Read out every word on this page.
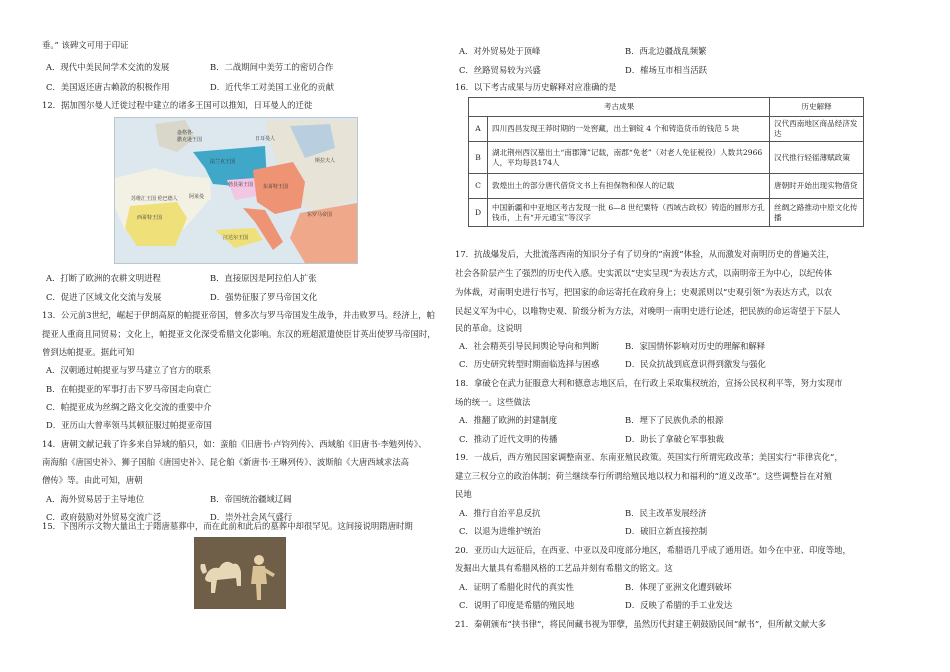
垂。” 该碑文可用于印证
A．现代中美民间学术交流的发展	B．二战期间中美劳工的密切合作
C．美国返还唐古赖款的积极作用	D．近代华工对美国工业化的贡献
12．据加图尔曼人迁徙过程中建立的诸多王国可以推知，日耳曼人的迁徙
盎格鲁·
撒克逊王国	日耳曼人
法兰克王国
勃艮第王国
阿莱曼
东哥特王国
苏维汇王国 伦巴德人
西哥特王国
汪达尔王国
东罗马帝国
斯拉夫人
A．打断了欧洲的农耕文明进程	B．直接原因是阿拉伯人扩张
C．促进了区域文化交流与发展	D．强势征服了罗马帝国文化
13．公元前3世纪，崛起于伊朗高原的帕提亚帝国，曾多次与罗马帝国发生战争，并击败罗马。经济上，帕
提亚人重商且同贸易；文化上，帕提亚文化深受希腊文化影响。东汉的班超派遣使臣甘英出使罗马帝国时，
曾到达帕提亚。据此可知
A．汉朝通过帕提亚与罗马建立了官方的联系
B．在帕提亚的军事打击下罗马帝国走向衰亡
C．帕提亚成为丝绸之路文化交流的重要中介
D．亚历山大曾率领马其顿征服过帕提亚帝国
14．唐朝文献记载了许多来自异域的船只，如：蛮舶《旧唐书·卢钧列传》、西域舶《旧唐书·李勉列传》、
南海舶《唐国史补》、狮子国舶《唐国史补》、昆仑舶《新唐书·王琳列传》、波斯舶《大唐西域求法高
僧传》等。由此可知，唐朝
A．海外贸易居于主导地位	B．帝国统治疆域辽阔
C．政府鼓励对外贸易交流广泛	D．崇外社会风气盛行
15．下图所示文物大量出土于隋唐墓葬中，而在此前和此后的墓葬中却很罕见。这间接说明隋唐时期
A．对外贸易处于顶峰	B．西北边疆战乱频繁
C．丝路贸易较为兴盛	D．榷场互市相当活跃
16．以下考古成果与历史解释对应准确的是
考古成果		历史解释
A	四川西昌发现王莽时期的一处窖藏，出土铜锭 4 个和铸造货币的钱范 5 块	汉代西南地区商品经济发达
B	湖北荆州西汉墓出土“南郡簿”记载，南郡“免老”（对老人免征税役）人数共2966人，平均每县174人	汉代推行轻徭薄赋政策
C	敦煌出土的部分唐代借贷文书上有担保物和保人的记载	唐朝时开始出现实物借贷
D	中国新疆和中亚地区考古发现一批 6—8 世纪粟特（西域古政权）铸造的圆形方孔钱币，上有“开元通宝”等汉字	丝绸之路推动中原文化传播
17．抗战爆发后，大批流落西南的知识分子有了切身的“南渡”体验，从而激发对南明历史的普遍关注，
社会各阶层产生了强烈的历史代入感。史实派以“史实呈现”为表达方式，以南明帝王为中心，以纪传体
为体裁，对南明史进行书写，把国家的命运寄托在政府身上；史观派则以“史观引领”为表达方式，以农
民起义军为中心，以唯物史观、阶级分析为方法，对晚明一南明史进行论述，把民族的命运寄望于下层人
民的革命。这说明
A．社会精英引导民间舆论导向和判断	B．家国情怀影响对历史的理解和解释
C．历史研究转型时期面临选择与困惑	D．民众抗战到底意识得到激发与强化
18．拿破仑在武力征服意大利和德意志地区后，在行政上采取集权统治，宣扬公民权利平等，努力实现市
场的统一。这些做法
A．推翻了欧洲的封建制度	B．埋下了民族仇杀的根源
C．推动了近代文明的传播	D．助长了拿破仑军事独裁
19．一战后，西方殖民国家调整南亚、东南亚殖民政策。英国实行所谓宪政改革；美国实行“菲律宾化”，
建立三权分立的政治体制；荷兰继续奉行所谓给殖民地以权力和福利的“道义改革”。这些调整旨在对殖
民地
A．推行自治平息反抗	B．民主改革发展经济
C．以退为进维护统治	D．破旧立新直接控制
20．亚历山大远征后，在西亚、中亚以及印度部分地区，希腊语几乎成了通用语。如今在中亚、印度等地，
发掘出大量具有希腊风格的工艺品并刻有希腊文的铭文。这
A．证明了希腊化时代的真实性	B．体现了亚洲文化遭到破坏
C．说明了印度是希腊的殖民地	D．反映了希腊的手工业发达
21．秦朝颁布“挟书律”，将民间藏书视为罪孽，虽然历代封建王朝鼓励民间“献书”，但所献文献大多
